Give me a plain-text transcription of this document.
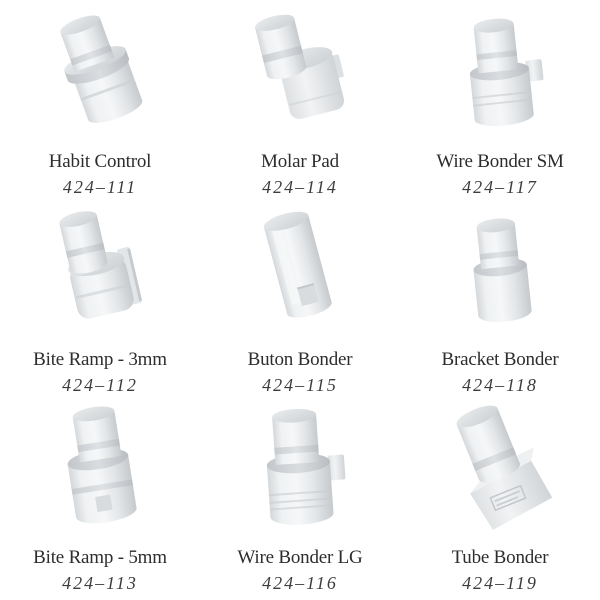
Habit Control
424–111
Molar Pad
424–114
Wire Bonder SM
424–117
Bite Ramp - 3mm
424–112
Buton Bonder
424–115
Bracket Bonder
424–118
Bite Ramp - 5mm
424–113
Wire Bonder LG
424–116
Tube Bonder
424–119
